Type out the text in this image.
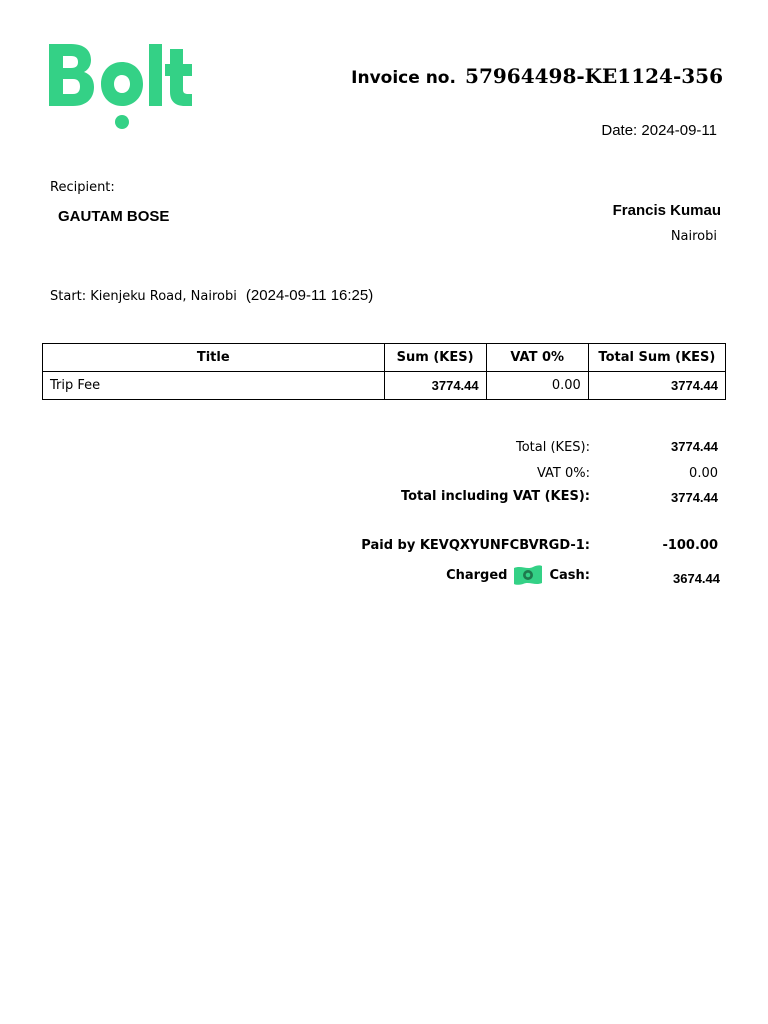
Invoice no. 57964498-KE1124-356
Date: 2024-09-11
Recipient:
GAUTAM BOSE	Francis Kumau
Nairobi
Start: Kienjeku Road, Nairobi (2024-09-11 16:25)
Title	Sum (KES)	VAT 0%	Total Sum (KES)
Trip Fee	3774.44	0.00	3774.44
Total (KES):	3774.44
VAT 0%:	0.00
Total including VAT (KES):	3774.44
Paid by KEVQXYUNFCBVRGD-1:	-100.00
Charged	Cash:	3674.44
